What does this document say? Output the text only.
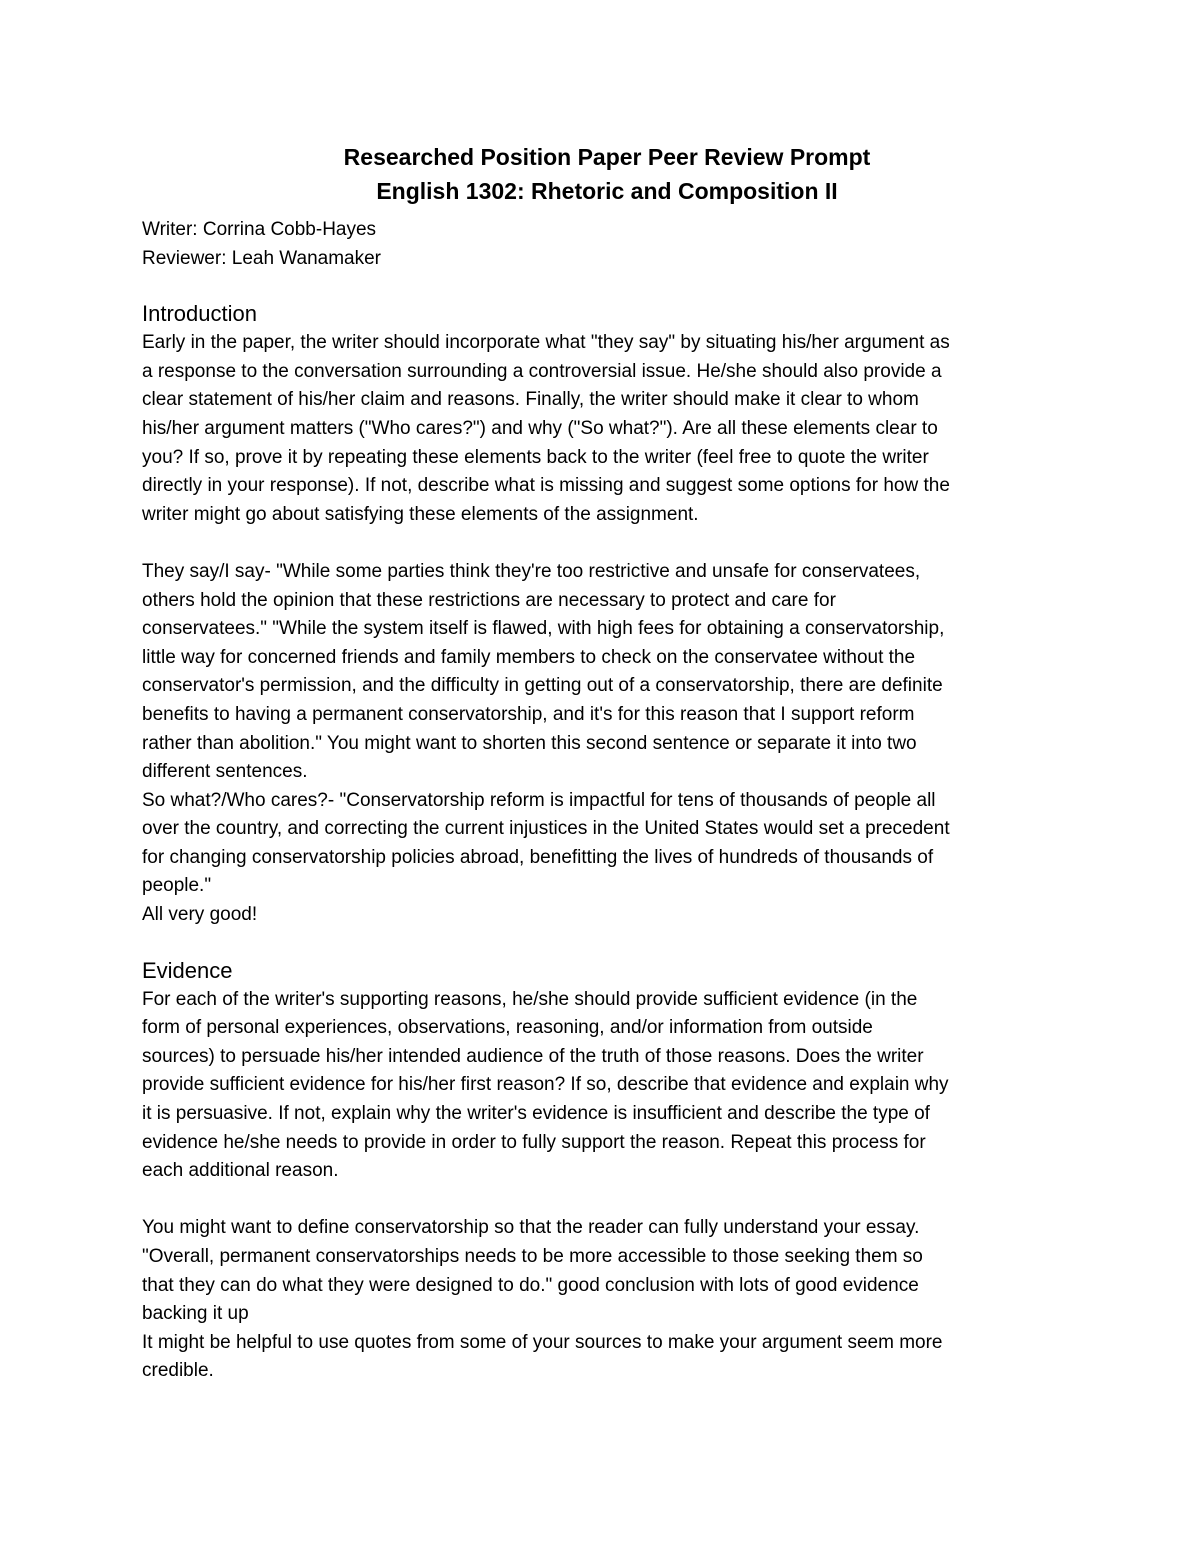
Researched Position Paper Peer Review Prompt
English 1302: Rhetoric and Composition II

Writer: Corrina Cobb-Hayes

Reviewer: Leah Wanamaker

Introduction
Early in the paper, the writer should incorporate what "they say" by situating his/her argument as
a response to the conversation surrounding a controversial issue. He/she should also provide a
clear statement of his/her claim and reasons. Finally, the writer should make it clear to whom
his/her argument matters ("Who cares?") and why ("So what?"). Are all these elements clear to
you? If so, prove it by repeating these elements back to the writer (feel free to quote the writer
directly in your response). If not, describe what is missing and suggest some options for how the
writer might go about satisfying these elements of the assignment.
They say/I say- "While some parties think they're too restrictive and unsafe for conservatees,
others hold the opinion that these restrictions are necessary to protect and care for
conservatees." "While the system itself is flawed, with high fees for obtaining a conservatorship,
little way for concerned friends and family members to check on the conservatee without the
conservator's permission, and the difficulty in getting out of a conservatorship, there are definite
benefits to having a permanent conservatorship, and it's for this reason that I support reform
rather than abolition." You might want to shorten this second sentence or separate it into two
different sentences.
So what?/Who cares?- "Conservatorship reform is impactful for tens of thousands of people all
over the country, and correcting the current injustices in the United States would set a precedent
for changing conservatorship policies abroad, benefitting the lives of hundreds of thousands of
people."
All very good!
Evidence
For each of the writer's supporting reasons, he/she should provide sufficient evidence (in the
form of personal experiences, observations, reasoning, and/or information from outside
sources) to persuade his/her intended audience of the truth of those reasons. Does the writer
provide sufficient evidence for his/her first reason? If so, describe that evidence and explain why
it is persuasive. If not, explain why the writer's evidence is insufficient and describe the type of
evidence he/she needs to provide in order to fully support the reason. Repeat this process for
each additional reason.
You might want to define conservatorship so that the reader can fully understand your essay.
"Overall, permanent conservatorships needs to be more accessible to those seeking them so
that they can do what they were designed to do." good conclusion with lots of good evidence
backing it up
It might be helpful to use quotes from some of your sources to make your argument seem more
credible.
